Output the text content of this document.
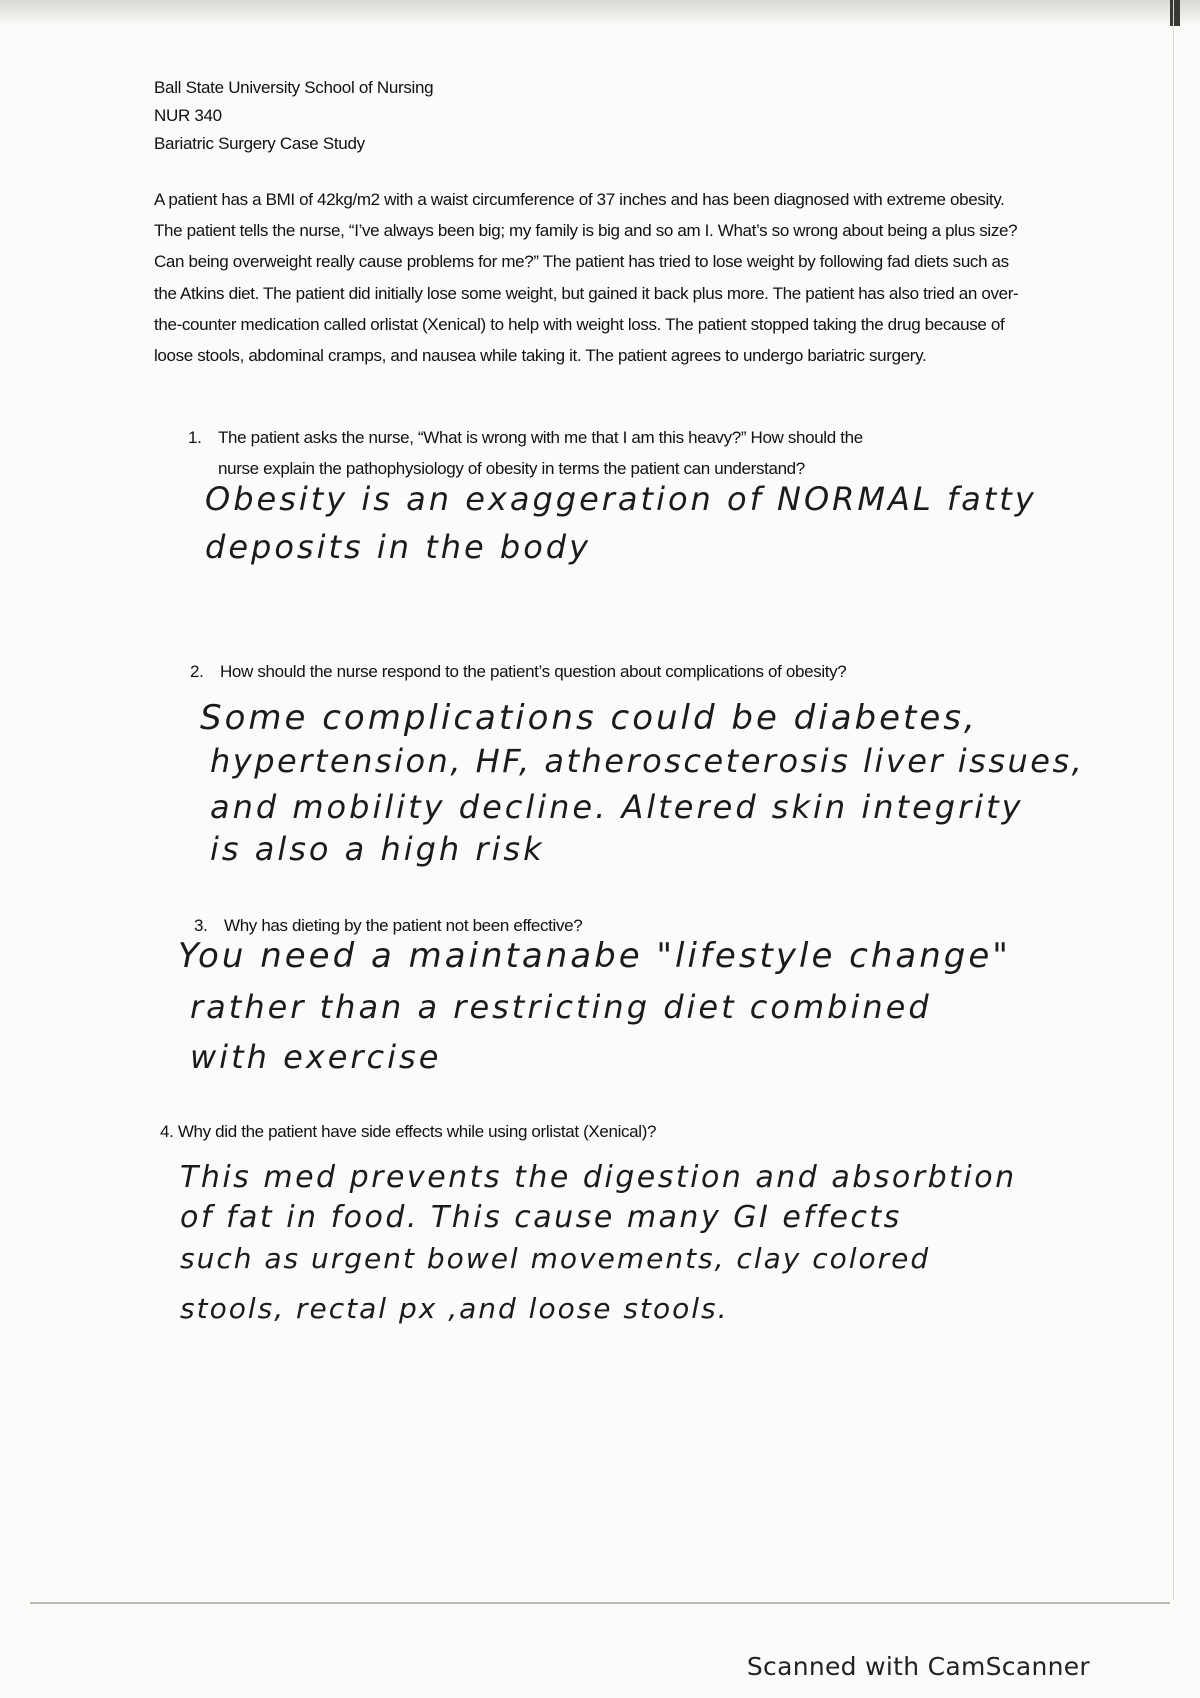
Ball State University School of Nursing
NUR 340
Bariatric Surgery Case Study
A patient has a BMI of 42kg/m2 with a waist circumference of 37 inches and has been diagnosed with extreme obesity. The patient tells the nurse, “I’ve always been big; my family is big and so am I. What’s so wrong about being a plus size? Can being overweight really cause problems for me?” The patient has tried to lose weight by following fad diets such as the Atkins diet. The patient did initially lose some weight, but gained it back plus more. The patient has also tried an over-the-counter medication called orlistat (Xenical) to help with weight loss. The patient stopped taking the drug because of loose stools, abdominal cramps, and nausea while taking it. The patient agrees to undergo bariatric surgery.
1. The patient asks the nurse, “What is wrong with me that I am this heavy?” How should the
nurse explain the pathophysiology of obesity in terms the patient can understand?
Obesity is an exaggeration of NORMAL fatty
deposits in the body
2. How should the nurse respond to the patient’s question about complications of obesity?
Some complications could be diabetes,
hypertension, HF, atherosceterosis liver issues,
and mobility decline. Altered skin integrity
is also a high risk
3. Why has dieting by the patient not been effective?
You need a maintanabe "lifestyle change"
rather than a restricting diet combined
with exercise
4. Why did the patient have side effects while using orlistat (Xenical)?
This med prevents the digestion and absorbtion
of fat in food. This cause many GI effects
such as urgent bowel movements, clay colored
stools, rectal px ,and loose stools.
Scanned with CamScanner
